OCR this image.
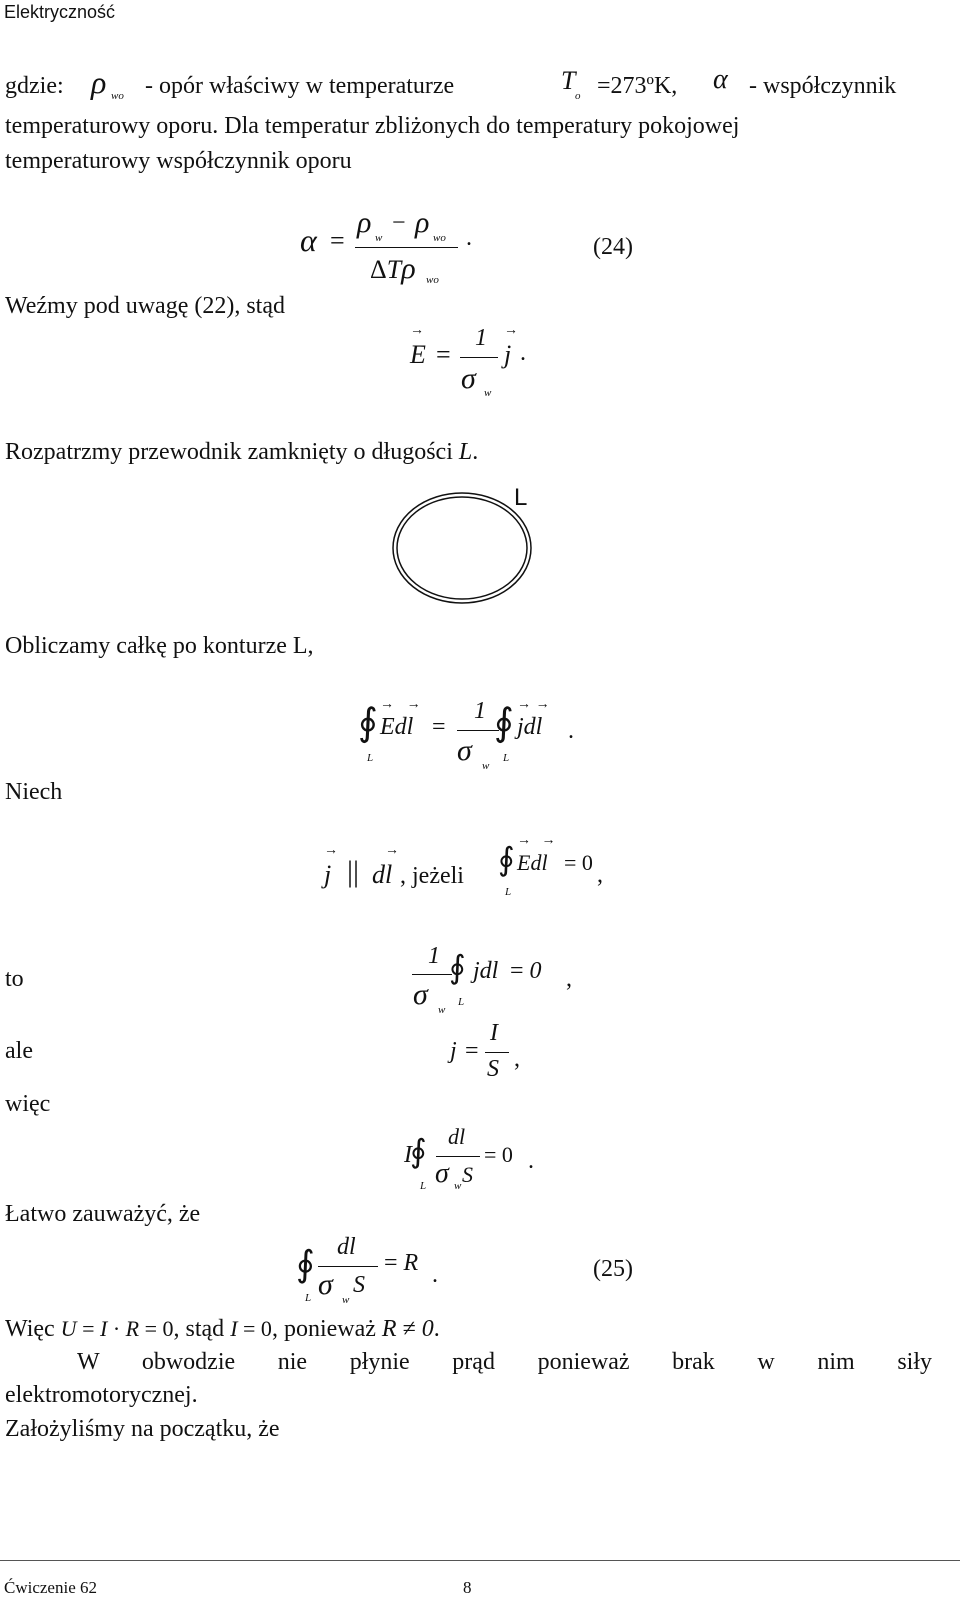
Elektryczność
gdzie: ρ wo - opór właściwy w temperaturze	T
o =273ºK, α - współczynnik
temperaturowy oporu. Dla temperatur zbliżonych do temperatury pokojowej
temperaturowy współczynnik oporu
α =
ρ w
− ρ wo
ΔTρ wo
.	(24)
Weźmy pod uwagę (22), stąd
→ E =
1
σ w
→ j .
Rozpatrzmy przewodnik zamknięty o długości L.
L
Obliczamy całkę po konturze L,
∮
L
→ Ed→ l =
1
σ w
∮
L
→ jd→ l .
Niech
→ j || d→ l , jeżeli ∮
L
→ Ed→ l = 0 ,
to
1
σ w
∮
L
jdl = 0 ,
ale	j =
I
S ,
więc
I
∮
L
dl
σ w S
= 0 .
Łatwo zauważyć, że
∮
L
dl
σ w
S
= R .	(25)
Więc U = I · R = 0, stąd I = 0, ponieważ R ≠ 0.
W obwodzie nie płynie prąd ponieważ brak w nim siły
elektromotorycznej.
Założyliśmy na początku, że
Ćwiczenie 62	8
